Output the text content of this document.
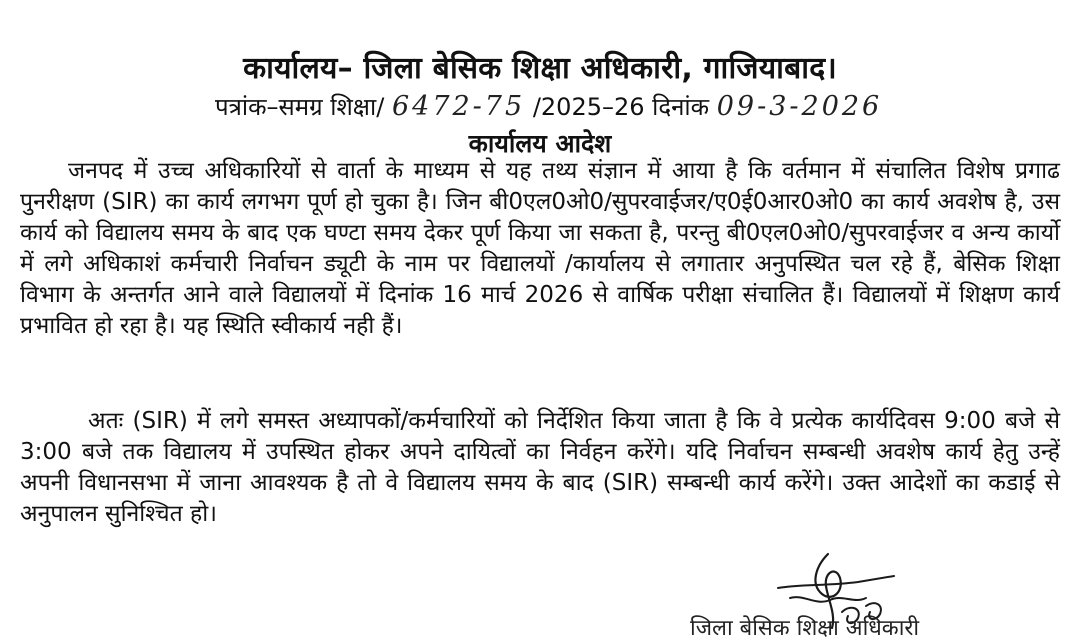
कार्यालय– जिला बेसिक शिक्षा अधिकारी, गाजियाबाद।
पत्रांक–समग्र शिक्षा/ 6472-75 /2025–26 दिनांक 09-3-2026
कार्यालय आदेश
जनपद में उच्च अधिकारियों से वार्ता के माध्यम से यह तथ्य संज्ञान में आया है कि वर्तमान में संचालित विशेष प्रगाढ पुनरीक्षण (SIR) का कार्य लगभग पूर्ण हो चुका है। जिन बी0एल0ओ0/सुपरवाईजर/ए0ई0आर0ओ0 का कार्य अवशेष है, उस कार्य को विद्यालय समय के बाद एक घण्टा समय देकर पूर्ण किया जा सकता है, परन्तु बी0एल0ओ0/सुपरवाईजर व अन्य कार्यो में लगे अधिकाशं कर्मचारी निर्वाचन ड्यूटी के नाम पर विद्यालयों /कार्यालय से लगातार अनुपस्थित चल रहे हैं, बेसिक शिक्षा विभाग के अन्तर्गत आने वाले विद्यालयों में दिनांक 16 मार्च 2026 से वार्षिक परीक्षा संचालित हैं। विद्यालयों में शिक्षण कार्य प्रभावित हो रहा है। यह स्थिति स्वीकार्य नही हैं।
अतः (SIR) में लगे समस्त अध्यापकों/कर्मचारियों को निर्देशित किया जाता है कि वे प्रत्येक कार्यदिवस 9:00 बजे से 3:00 बजे तक विद्यालय में उपस्थित होकर अपने दायित्वों का निर्वहन करेंगे। यदि निर्वाचन सम्बन्धी अवशेष कार्य हेतु उन्हें अपनी विधानसभा में जाना आवश्यक है तो वे विद्यालय समय के बाद (SIR) सम्बन्धी कार्य करेंगे। उक्त आदेशों का कडाई से अनुपालन सुनिश्चित हो।
जिला बेसिक शिक्षा अधिकारी
